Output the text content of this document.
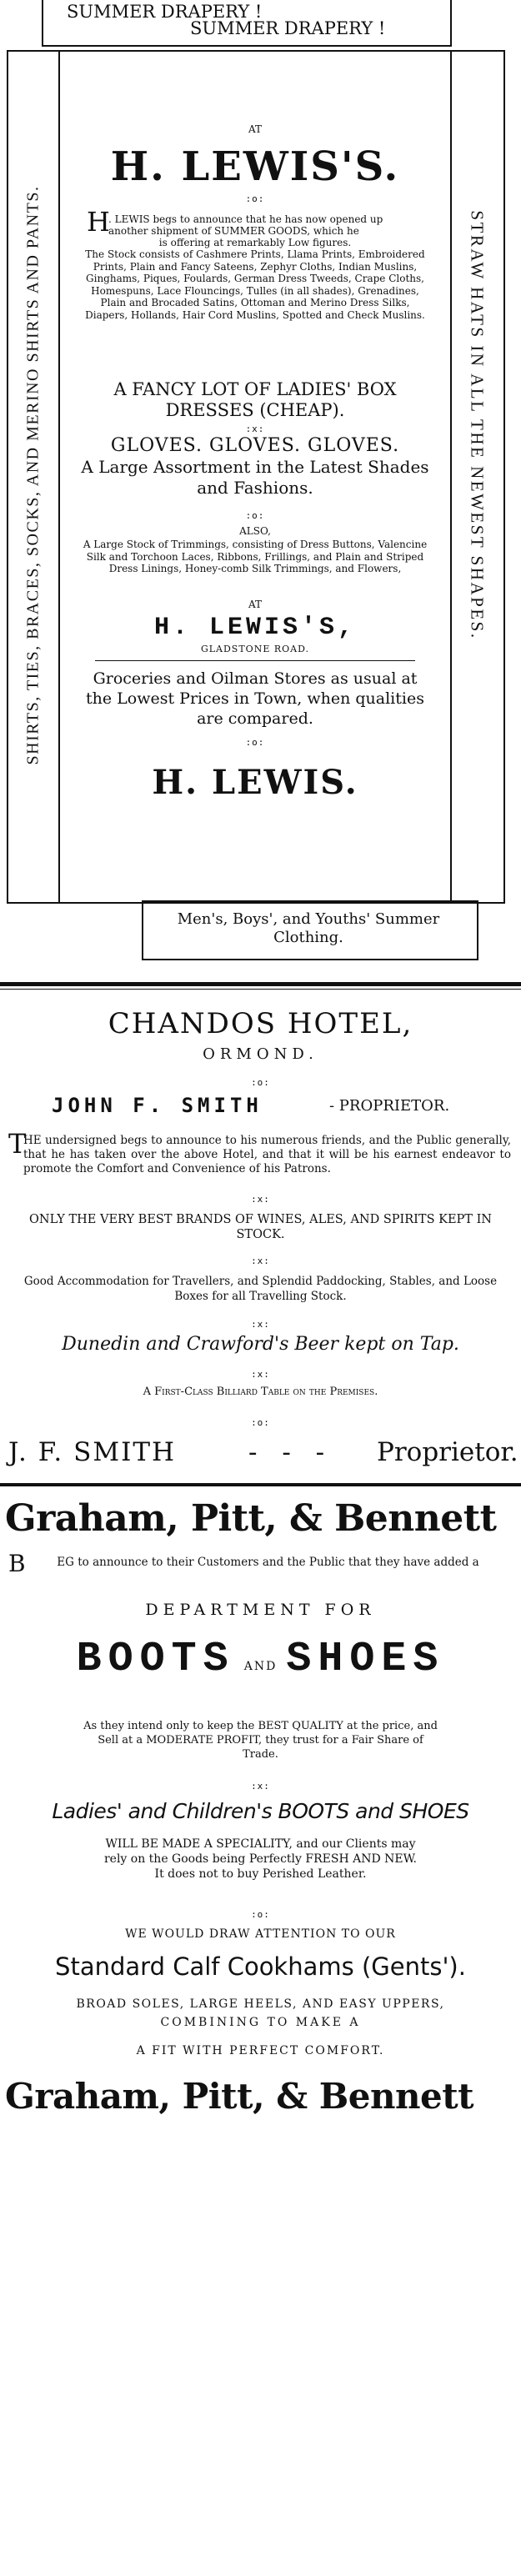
SUMMER DRAPERY !
SUMMER DRAPERY !
SHIRTS, TIES, BRACES, SOCKS, AND MERINO SHIRTS AND PANTS.	STRAW HATS IN ALL THE NEWEST SHAPES.
AT
H. LEWIS'S.
:o:
H
. LEWIS begs to announce that he has now opened up
another shipment of SUMMER GOODS, which he
is offering at remarkably Low figures.
The Stock consists of Cashmere Prints, Llama Prints, Embroidered Prints, Plain and Fancy Sateens, Zephyr Cloths, Indian Muslins, Ginghams, Piques, Foulards, German Dress Tweeds, Crape Cloths, Homespuns, Lace Flouncings, Tulles (in all shades), Grenadines, Plain and Brocaded Satins, Ottoman and Merino Dress Silks, Diapers, Hollands, Hair Cord Muslins, Spotted and Check Muslins.
A FANCY LOT OF LADIES' BOX DRESSES (CHEAP).
:x:
GLOVES. GLOVES. GLOVES.
A Large Assortment in the Latest Shades and Fashions.
:o:
ALSO,
A Large Stock of Trimmings, consisting of Dress Buttons, Valencine Silk and Torchoon Laces, Ribbons, Frillings, and Plain and Striped Dress Linings, Honey-comb Silk Trimmings, and Flowers,
AT
H. LEWIS'S,
GLADSTONE ROAD.
Groceries and Oilman Stores as usual at the Lowest Prices in Town, when qualities are compared.
:o:
H. LEWIS.
Men's, Boys', and Youths' Summer Clothing.
CHANDOS HOTEL,
ORMOND.
:o:
JOHN F. SMITH	- PROPRIETOR.
T
HE undersigned begs to announce to his numerous friends, and the Public generally, that he has taken over the above Hotel, and that it will be his earnest endeavor to promote the Comfort and Convenience of his Patrons.
:x:
ONLY THE VERY BEST BRANDS OF WINES, ALES, AND SPIRITS KEPT IN STOCK.
:x:
Good Accommodation for Travellers, and Splendid Paddocking, Stables, and Loose Boxes for all Travelling Stock.
:x:
Dunedin and Crawford's Beer kept on Tap.
:x:
A First-Class Billiard Table on the Premises.
:o:
J. F. SMITH	- - - Proprietor.
Graham, Pitt, & Bennett
B	EG to announce to their Customers and the Public that they have added a
DEPARTMENT FOR
BOOTS AND SHOES
As they intend only to keep the BEST QUALITY at the price, and Sell at a MODERATE PROFIT, they trust for a Fair Share of Trade.
:x:
Ladies' and Children's BOOTS and SHOES
WILL BE MADE A SPECIALITY, and our Clients may
rely on the Goods being Perfectly FRESH AND NEW.
It does not to buy Perished Leather.
:o:
WE WOULD DRAW ATTENTION TO OUR
Standard Calf Cookhams (Gents').
BROAD SOLES, LARGE HEELS, AND EASY UPPERS,
COMBINING TO MAKE A
A FIT WITH PERFECT COMFORT.
Graham, Pitt, & Bennett
